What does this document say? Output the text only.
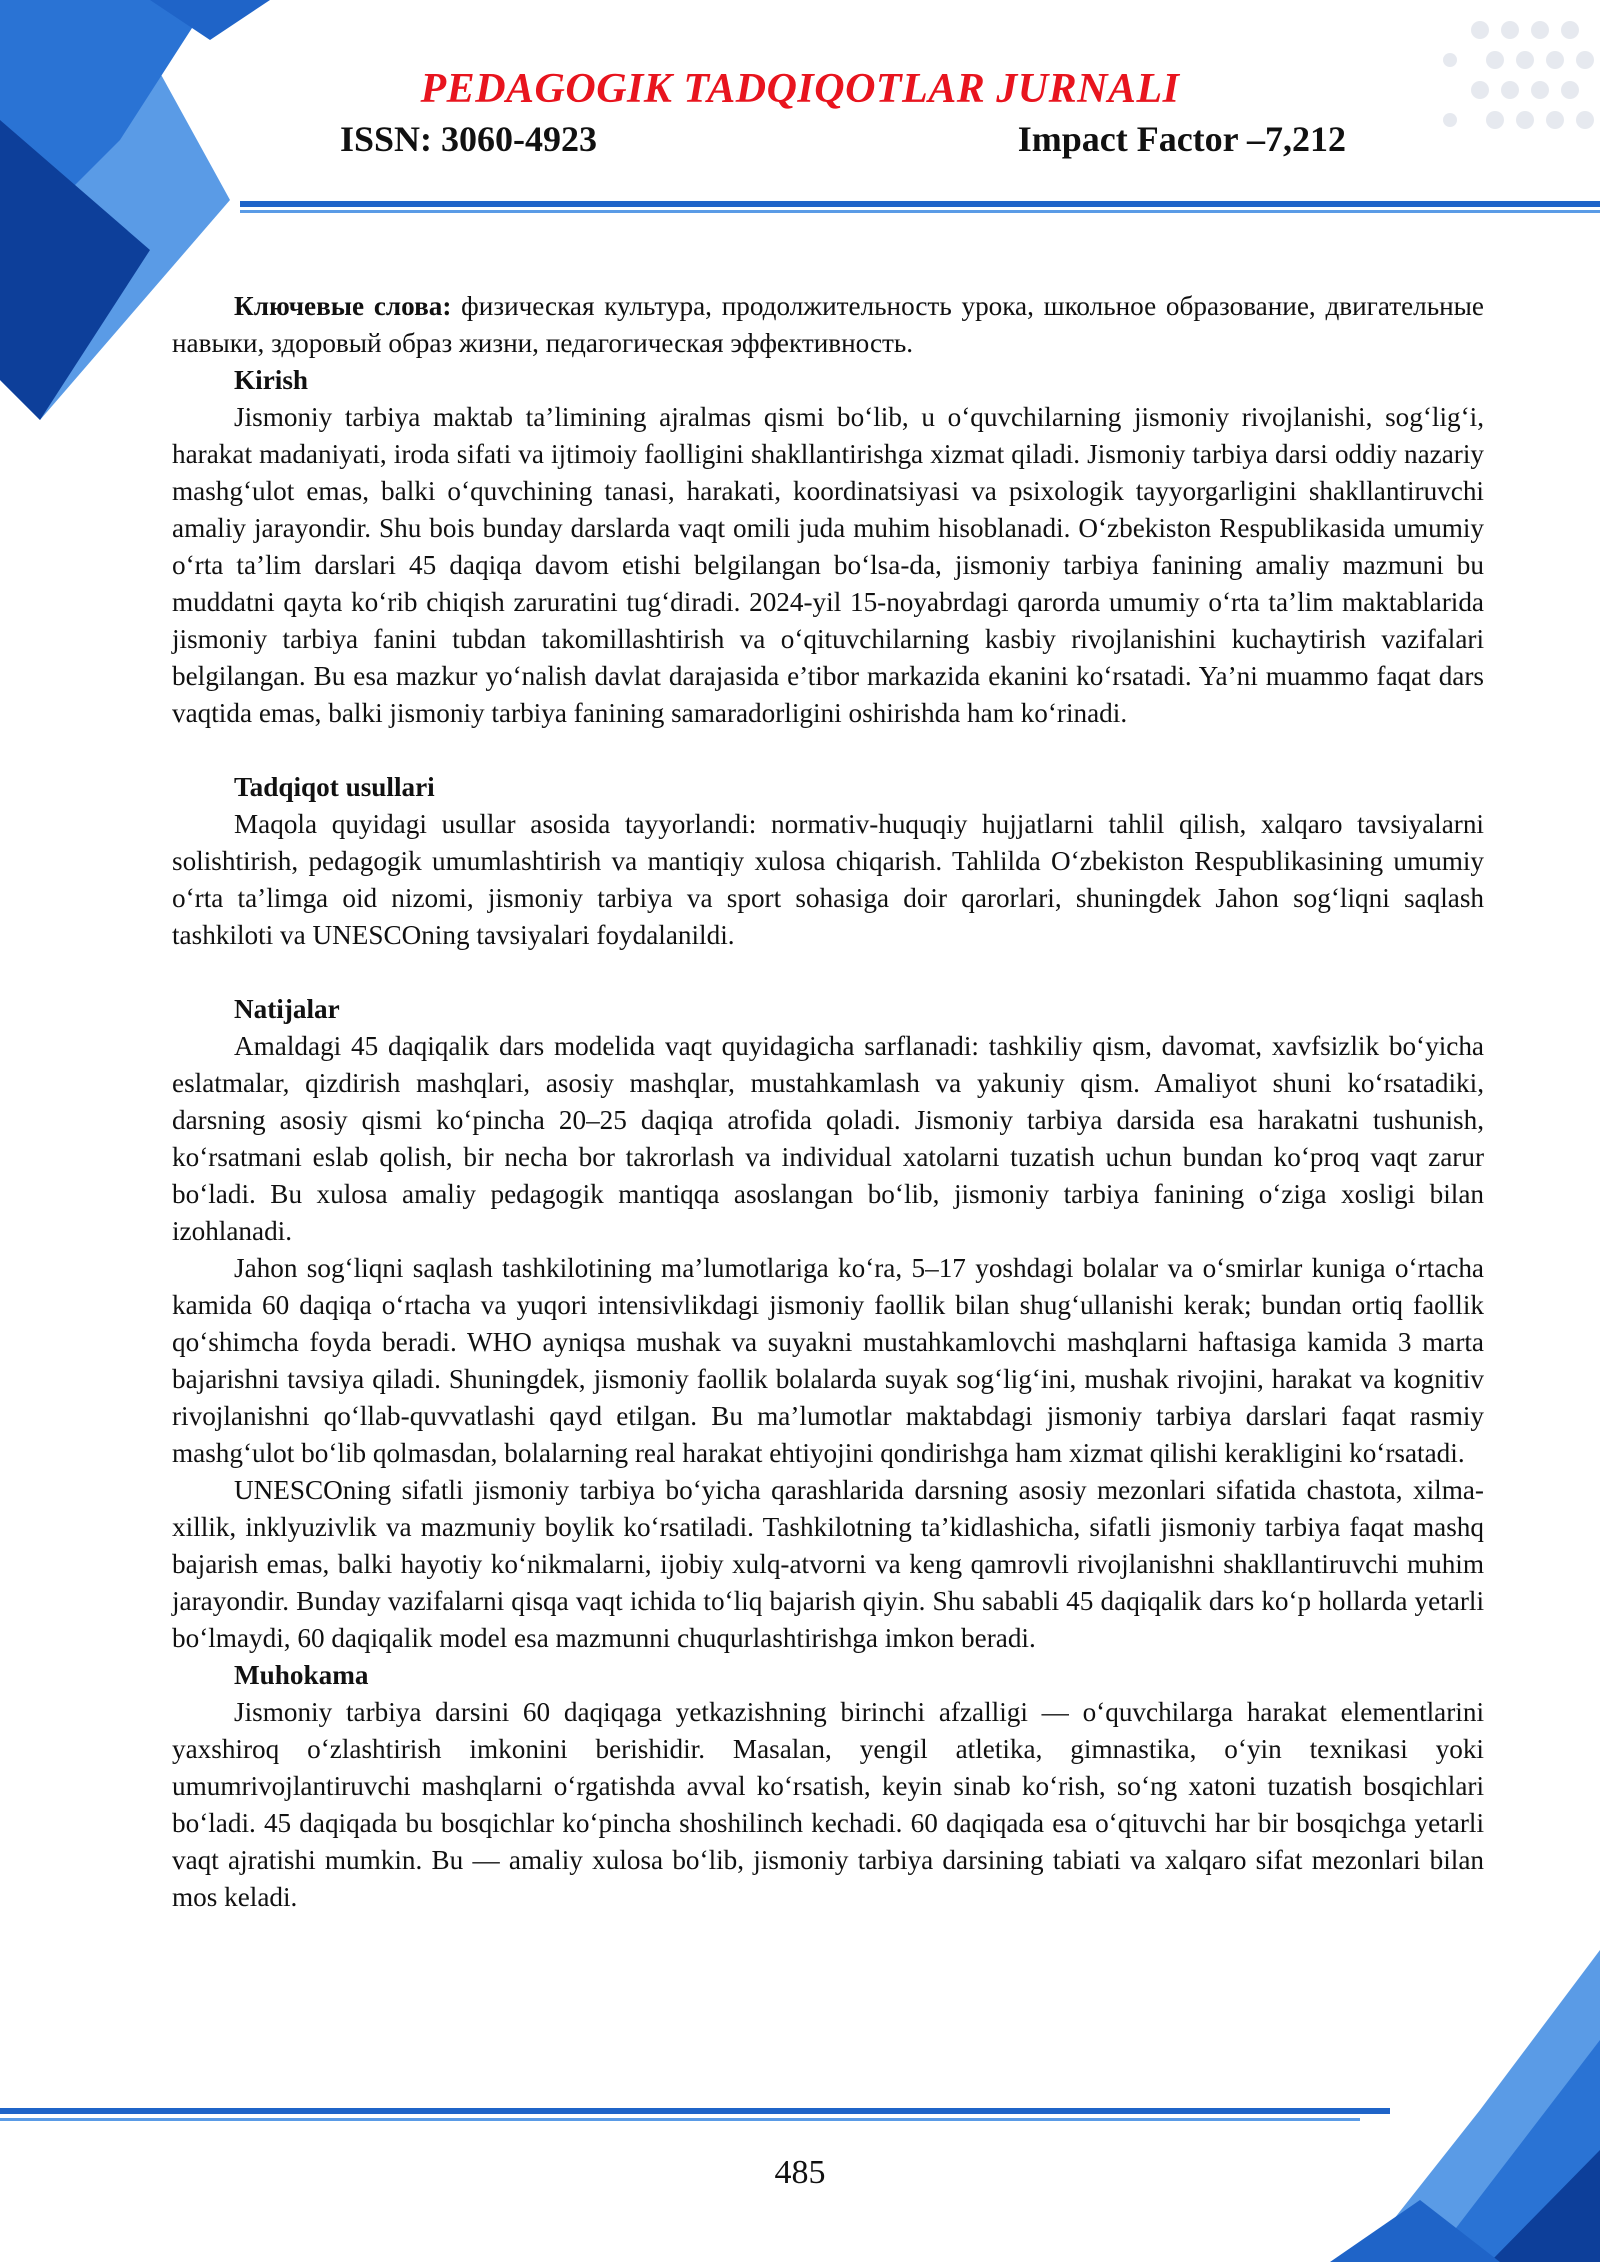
PEDAGOGIK TADQIQOTLAR JURNALI
ISSN: 3060-4923	Impact Factor –7,212

Ключевые слова: физическая культура, продолжительность урока, школьное образование, двигательные навыки, здоровый образ жизни, педагогическая эффективность.

Kirish

Jismoniy tarbiya maktab ta’limining ajralmas qismi bo‘lib, u o‘quvchilarning jismoniy rivojlanishi, sog‘lig‘i, harakat madaniyati, iroda sifati va ijtimoiy faolligini shakllantirishga xizmat qiladi. Jismoniy tarbiya darsi oddiy nazariy mashg‘ulot emas, balki o‘quvchining tanasi, harakati, koordinatsiyasi va psixologik tayyorgarligini shakllantiruvchi amaliy jarayondir. Shu bois bunday darslarda vaqt omili juda muhim hisoblanadi. O‘zbekiston Respublikasida umumiy o‘rta ta’lim darslari 45 daqiqa davom etishi belgilangan bo‘lsa-da, jismoniy tarbiya fanining amaliy mazmuni bu muddatni qayta ko‘rib chiqish zaruratini tug‘diradi. 2024-yil 15-noyabrdagi qarorda umumiy o‘rta ta’lim maktablarida jismoniy tarbiya fanini tubdan takomillashtirish va o‘qituvchilarning kasbiy rivojlanishini kuchaytirish vazifalari belgilangan. Bu esa mazkur yo‘nalish davlat darajasida e’tibor markazida ekanini ko‘rsatadi. Ya’ni muammo faqat dars vaqtida emas, balki jismoniy tarbiya fanining samaradorligini oshirishda ham ko‘rinadi.

Tadqiqot usullari

Maqola quyidagi usullar asosida tayyorlandi: normativ-huquqiy hujjatlarni tahlil qilish, xalqaro tavsiyalarni solishtirish, pedagogik umumlashtirish va mantiqiy xulosa chiqarish. Tahlilda O‘zbekiston Respublikasining umumiy o‘rta ta’limga oid nizomi, jismoniy tarbiya va sport sohasiga doir qarorlari, shuningdek Jahon sog‘liqni saqlash tashkiloti va UNESCOning tavsiyalari foydalanildi.

Natijalar

Amaldagi 45 daqiqalik dars modelida vaqt quyidagicha sarflanadi: tashkiliy qism, davomat, xavfsizlik bo‘yicha eslatmalar, qizdirish mashqlari, asosiy mashqlar, mustahkamlash va yakuniy qism. Amaliyot shuni ko‘rsatadiki, darsning asosiy qismi ko‘pincha 20–25 daqiqa atrofida qoladi. Jismoniy tarbiya darsida esa harakatni tushunish, ko‘rsatmani eslab qolish, bir necha bor takrorlash va individual xatolarni tuzatish uchun bundan ko‘proq vaqt zarur bo‘ladi. Bu xulosa amaliy pedagogik mantiqqa asoslangan bo‘lib, jismoniy tarbiya fanining o‘ziga xosligi bilan izohlanadi.

Jahon sog‘liqni saqlash tashkilotining ma’lumotlariga ko‘ra, 5–17 yoshdagi bolalar va o‘smirlar kuniga o‘rtacha kamida 60 daqiqa o‘rtacha va yuqori intensivlikdagi jismoniy faollik bilan shug‘ullanishi kerak; bundan ortiq faollik qo‘shimcha foyda beradi. WHO ayniqsa mushak va suyakni mustahkamlovchi mashqlarni haftasiga kamida 3 marta bajarishni tavsiya qiladi. Shuningdek, jismoniy faollik bolalarda suyak sog‘lig‘ini, mushak rivojini, harakat va kognitiv rivojlanishni qo‘llab-quvvatlashi qayd etilgan. Bu ma’lumotlar maktabdagi jismoniy tarbiya darslari faqat rasmiy mashg‘ulot bo‘lib qolmasdan, bolalarning real harakat ehtiyojini qondirishga ham xizmat qilishi kerakligini ko‘rsatadi.

UNESCOning sifatli jismoniy tarbiya bo‘yicha qarashlarida darsning asosiy mezonlari sifatida chastota, xilma-xillik, inklyuzivlik va mazmuniy boylik ko‘rsatiladi. Tashkilotning ta’kidlashicha, sifatli jismoniy tarbiya faqat mashq bajarish emas, balki hayotiy ko‘nikmalarni, ijobiy xulq-atvorni va keng qamrovli rivojlanishni shakllantiruvchi muhim jarayondir. Bunday vazifalarni qisqa vaqt ichida to‘liq bajarish qiyin. Shu sababli 45 daqiqalik dars ko‘p hollarda yetarli bo‘lmaydi, 60 daqiqalik model esa mazmunni chuqurlashtirishga imkon beradi.

Muhokama

Jismoniy tarbiya darsini 60 daqiqaga yetkazishning birinchi afzalligi — o‘quvchilarga harakat elementlarini yaxshiroq o‘zlashtirish imkonini berishidir. Masalan, yengil atletika, gimnastika, o‘yin texnikasi yoki umumrivojlantiruvchi mashqlarni o‘rgatishda avval ko‘rsatish, keyin sinab ko‘rish, so‘ng xatoni tuzatish bosqichlari bo‘ladi. 45 daqiqada bu bosqichlar ko‘pincha shoshilinch kechadi. 60 daqiqada esa o‘qituvchi har bir bosqichga yetarli vaqt ajratishi mumkin. Bu — amaliy xulosa bo‘lib, jismoniy tarbiya darsining tabiati va xalqaro sifat mezonlari bilan mos keladi.

485
